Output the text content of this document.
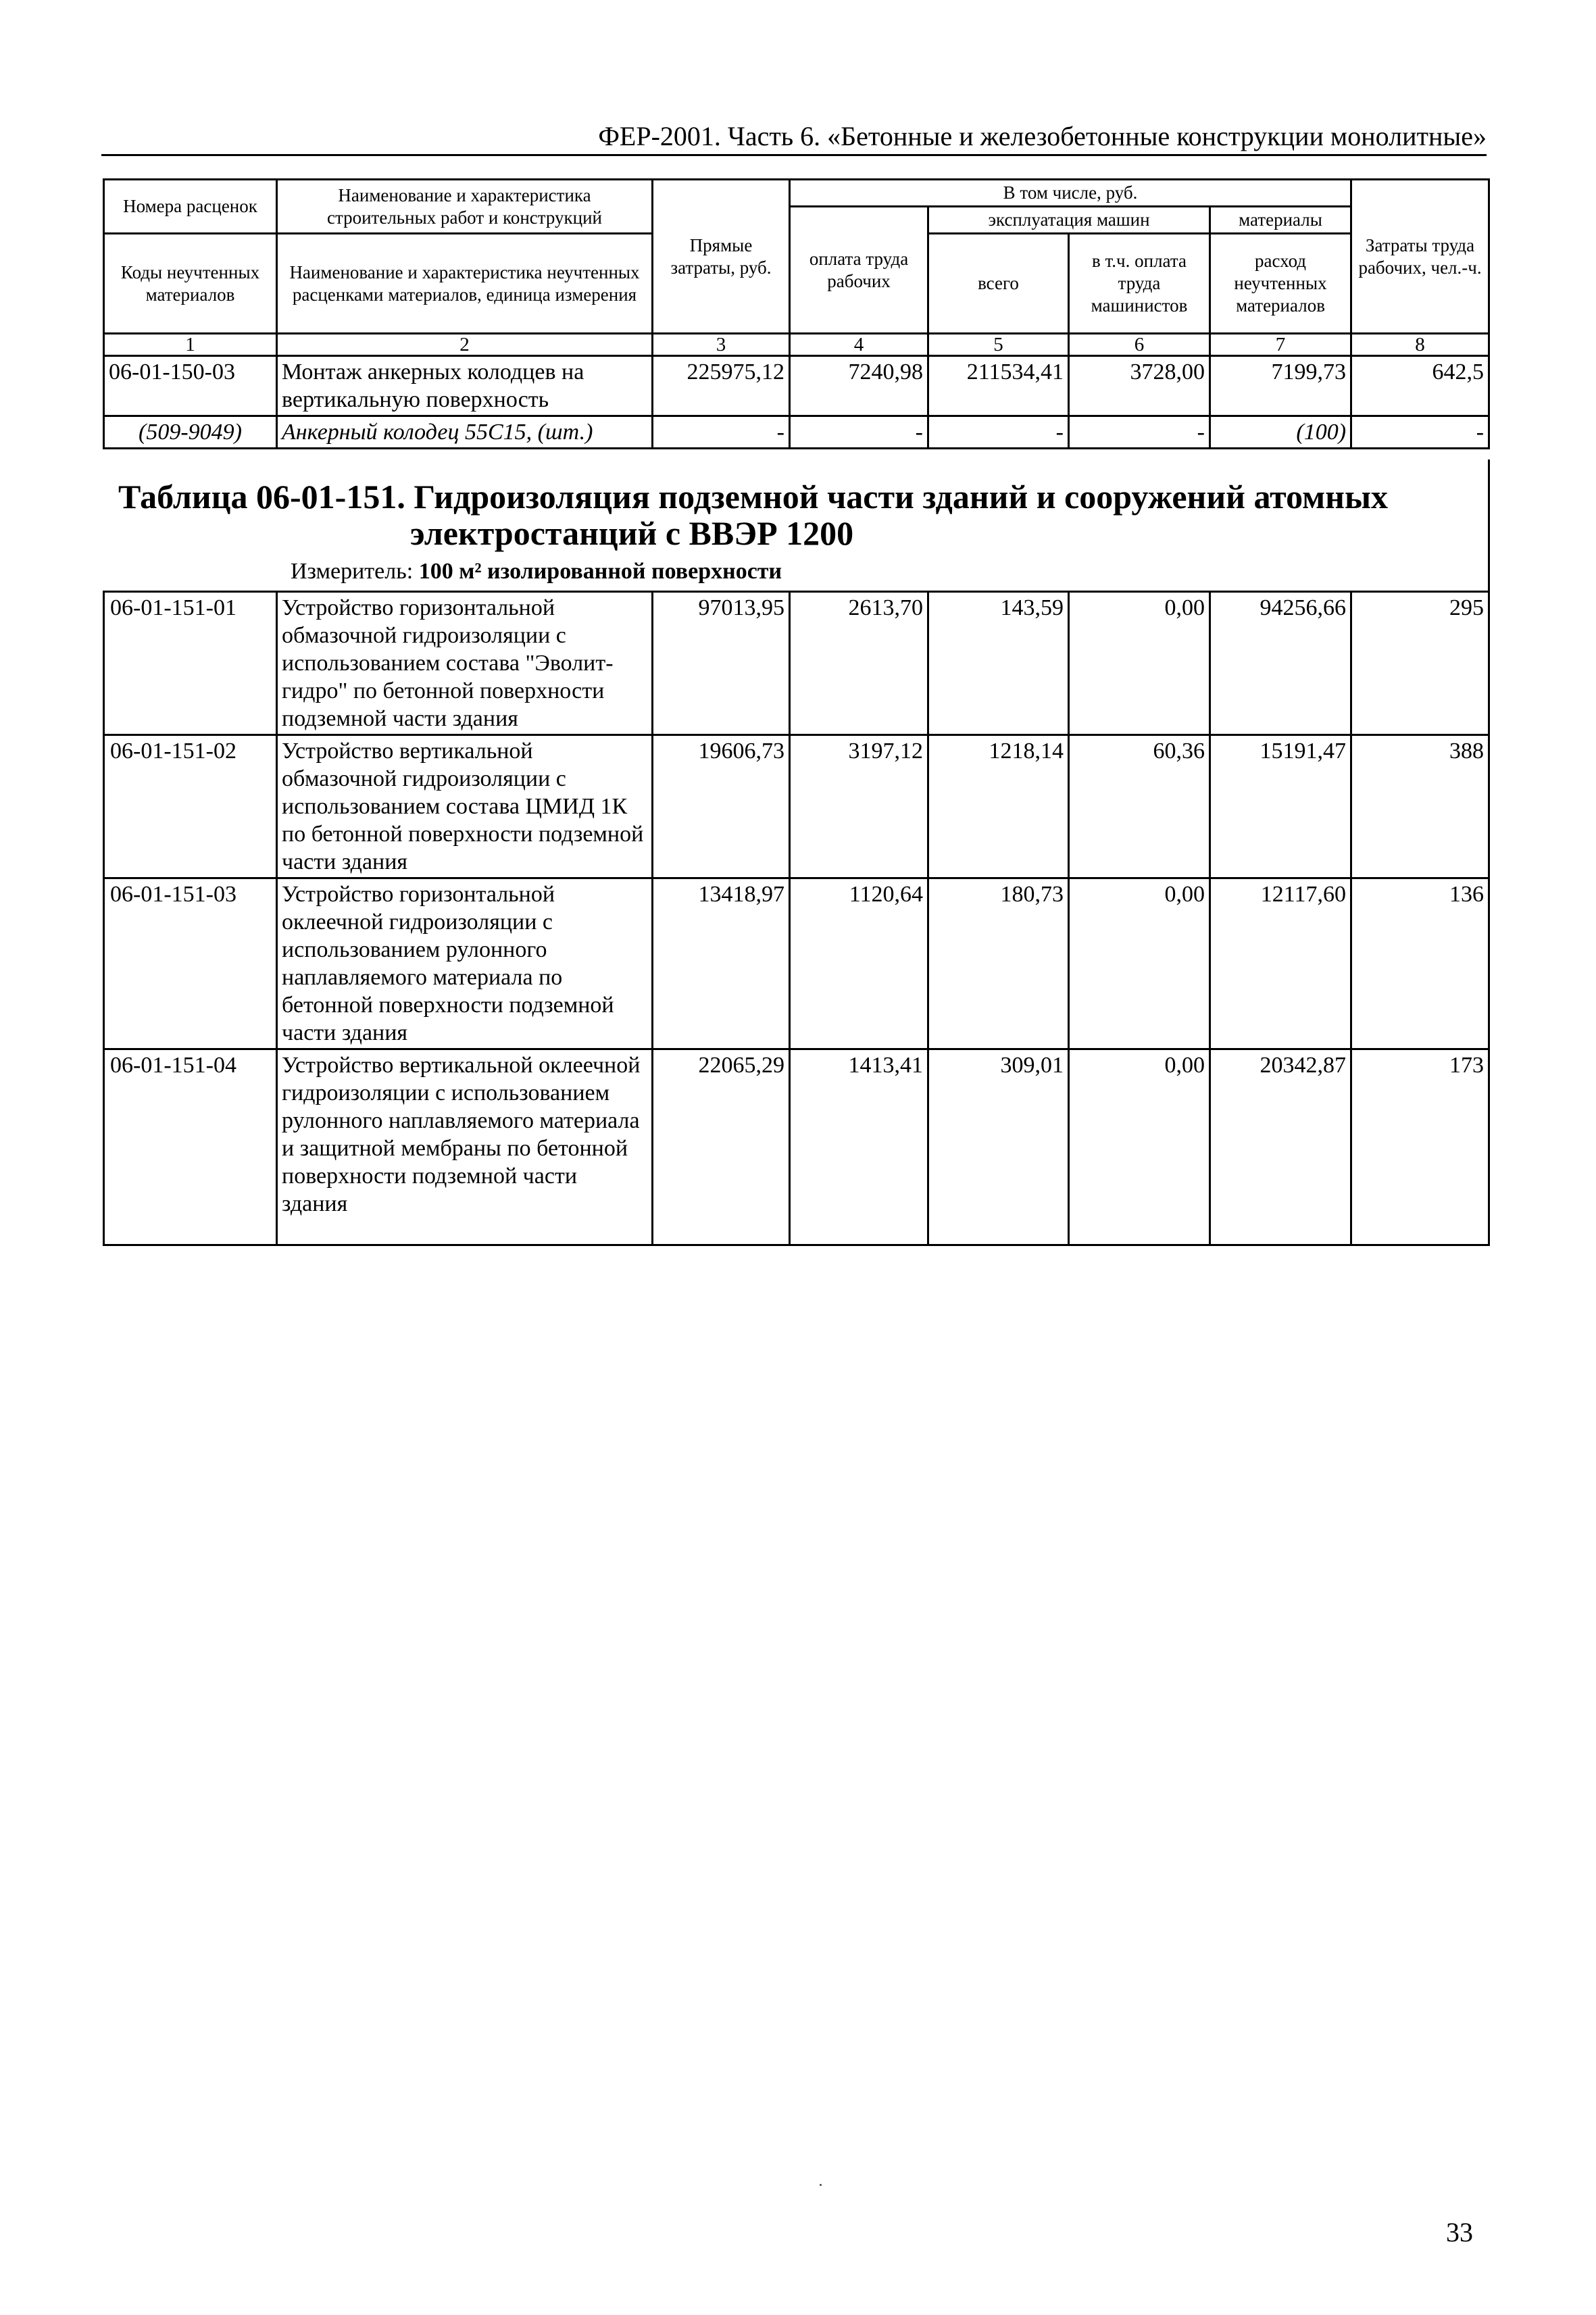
ФЕР-2001. Часть 6. «Бетонные и железобетонные конструкции монолитные»
Номера расценок	Наименование и характеристика строительных работ и конструкций	Прямые затраты, руб.	В том числе, руб.				Затраты труда рабочих, чел.-ч.
			оплата труда рабочих	эксплуатация машин		материалы	
Коды неучтенных материалов	Наименование и характеристика неучтенных расценками материалов, единица измерения			всего	в т.ч. оплата труда машинистов	расход неучтенных материалов	
1	2	3	4	5	6	7	8
06-01-150-03	Монтаж анкерных колодцев на вертикальную поверхность	225975,12	7240,98	211534,41	3728,00	7199,73	642,5
(509-9049)	Анкерный колодец 55С15, (шт.)	-	-	-	-	(100)	-
Таблица 06-01-151. Гидроизоляция подземной части зданий и сооружений атомных
электростанций с ВВЭР 1200
Измеритель: 100 м² изолированной поверхности
06-01-151-01	Устройство горизонтальной обмазочной гидроизоляции с использованием состава "Эволит-гидро" по бетонной поверхности подземной части здания	97013,95	2613,70	143,59	0,00	94256,66	295
06-01-151-02	Устройство вертикальной обмазочной гидроизоляции с использованием состава ЦМИД 1К по бетонной поверхности подземной части здания	19606,73	3197,12	1218,14	60,36	15191,47	388
06-01-151-03	Устройство горизонтальной оклеечной гидроизоляции с использованием рулонного наплавляемого материала по бетонной поверхности подземной части здания	13418,97	1120,64	180,73	0,00	12117,60	136
06-01-151-04	Устройство вертикальной оклеечной гидроизоляции с использованием рулонного наплавляемого материала и защитной мембраны по бетонной поверхности подземной части здания	22065,29	1413,41	309,01	0,00	20342,87	173
33
